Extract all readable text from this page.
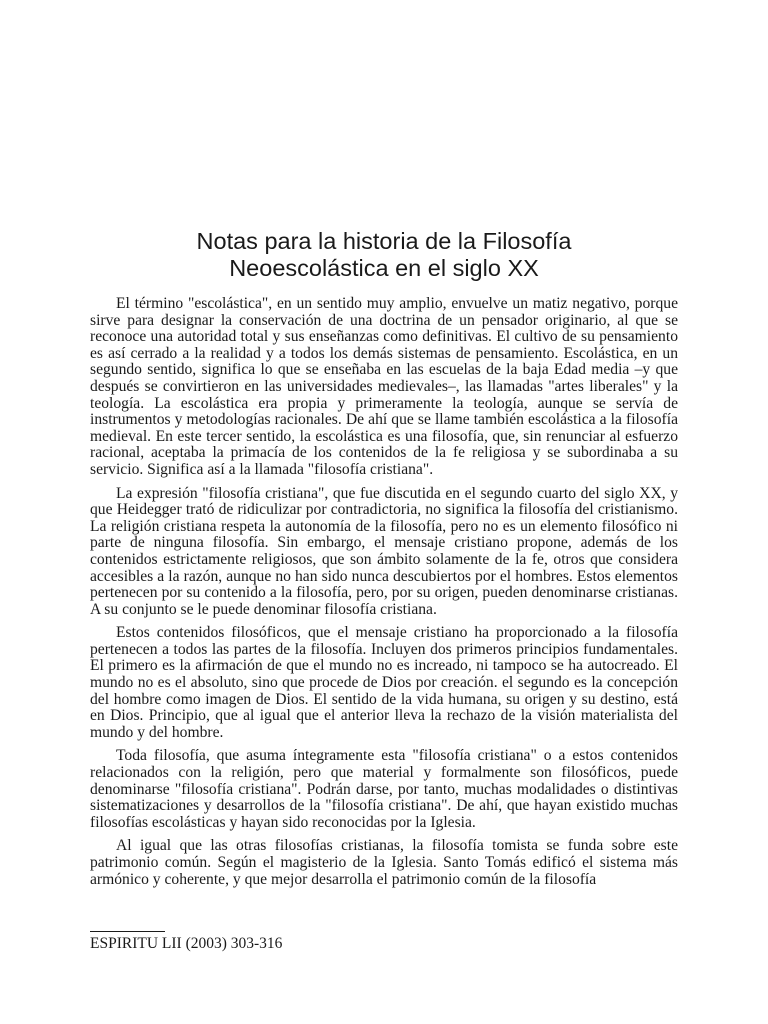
Notas para la historia de la Filosofía
Neoescolástica en el siglo XX

El término "escolástica", en un sentido muy amplio, envuelve un matiz negativo, porque sirve para designar la conservación de una doctrina de un pensador originario, al que se reconoce una autoridad total y sus enseñanzas como definitivas. El cultivo de su pensamiento es así cerrado a la realidad y a todos los demás sistemas de pensamiento. Escolástica, en un segundo sentido, significa lo que se enseñaba en las escuelas de la baja Edad media –y que después se convirtieron en las universidades medievales–, las llamadas "artes liberales" y la teología. La escolástica era propia y primeramente la teología, aunque se servía de instrumentos y metodologías racionales. De ahí que se llame también escolástica a la filosofía medieval. En este tercer sentido, la escolástica es una filosofía, que, sin renunciar al esfuerzo racional, aceptaba la primacía de los contenidos de la fe religiosa y se subordinaba a su servicio. Significa así a la llamada "filosofía cristiana".

La expresión "filosofía cristiana", que fue discutida en el segundo cuarto del siglo XX, y que Heidegger trató de ridiculizar por contradictoria, no significa la filosofía del cristianismo. La religión cristiana respeta la autonomía de la filosofía, pero no es un elemento filosófico ni parte de ninguna filosofía. Sin embargo, el mensaje cristiano propone, además de los contenidos estrictamente religiosos, que son ámbito solamente de la fe, otros que considera accesibles a la razón, aunque no han sido nunca descubiertos por el hombres. Estos elementos pertenecen por su contenido a la filosofía, pero, por su origen, pueden denominarse cristianas. A su conjunto se le puede denominar filosofía cristiana.

Estos contenidos filosóficos, que el mensaje cristiano ha proporcionado a la filosofía pertenecen a todos las partes de la filosofía. Incluyen dos primeros principios fundamentales. El primero es la afirmación de que el mundo no es increado, ni tampoco se ha autocreado. El mundo no es el absoluto, sino que procede de Dios por creación. el segundo es la concepción del hombre como imagen de Dios. El sentido de la vida humana, su origen y su destino, está en Dios. Principio, que al igual que el anterior lleva la rechazo de la visión materialista del mundo y del hombre.

Toda filosofía, que asuma íntegramente esta "filosofía cristiana" o a estos contenidos relacionados con la religión, pero que material y formalmente son filosóficos, puede denominarse "filosofía cristiana". Podrán darse, por tanto, muchas modalidades o distintivas sistematizaciones y desarrollos de la "filosofía cristiana". De ahí, que hayan existido muchas filosofías escolásticas y hayan sido reconocidas por la Iglesia.

Al igual que las otras filosofías cristianas, la filosofía tomista se funda sobre este patrimonio común. Según el magisterio de la Iglesia. Santo Tomás edificó el sistema más armónico y coherente, y que mejor desarrolla el patrimonio común de la filosofía

ESPIRITU LII (2003) 303-316
